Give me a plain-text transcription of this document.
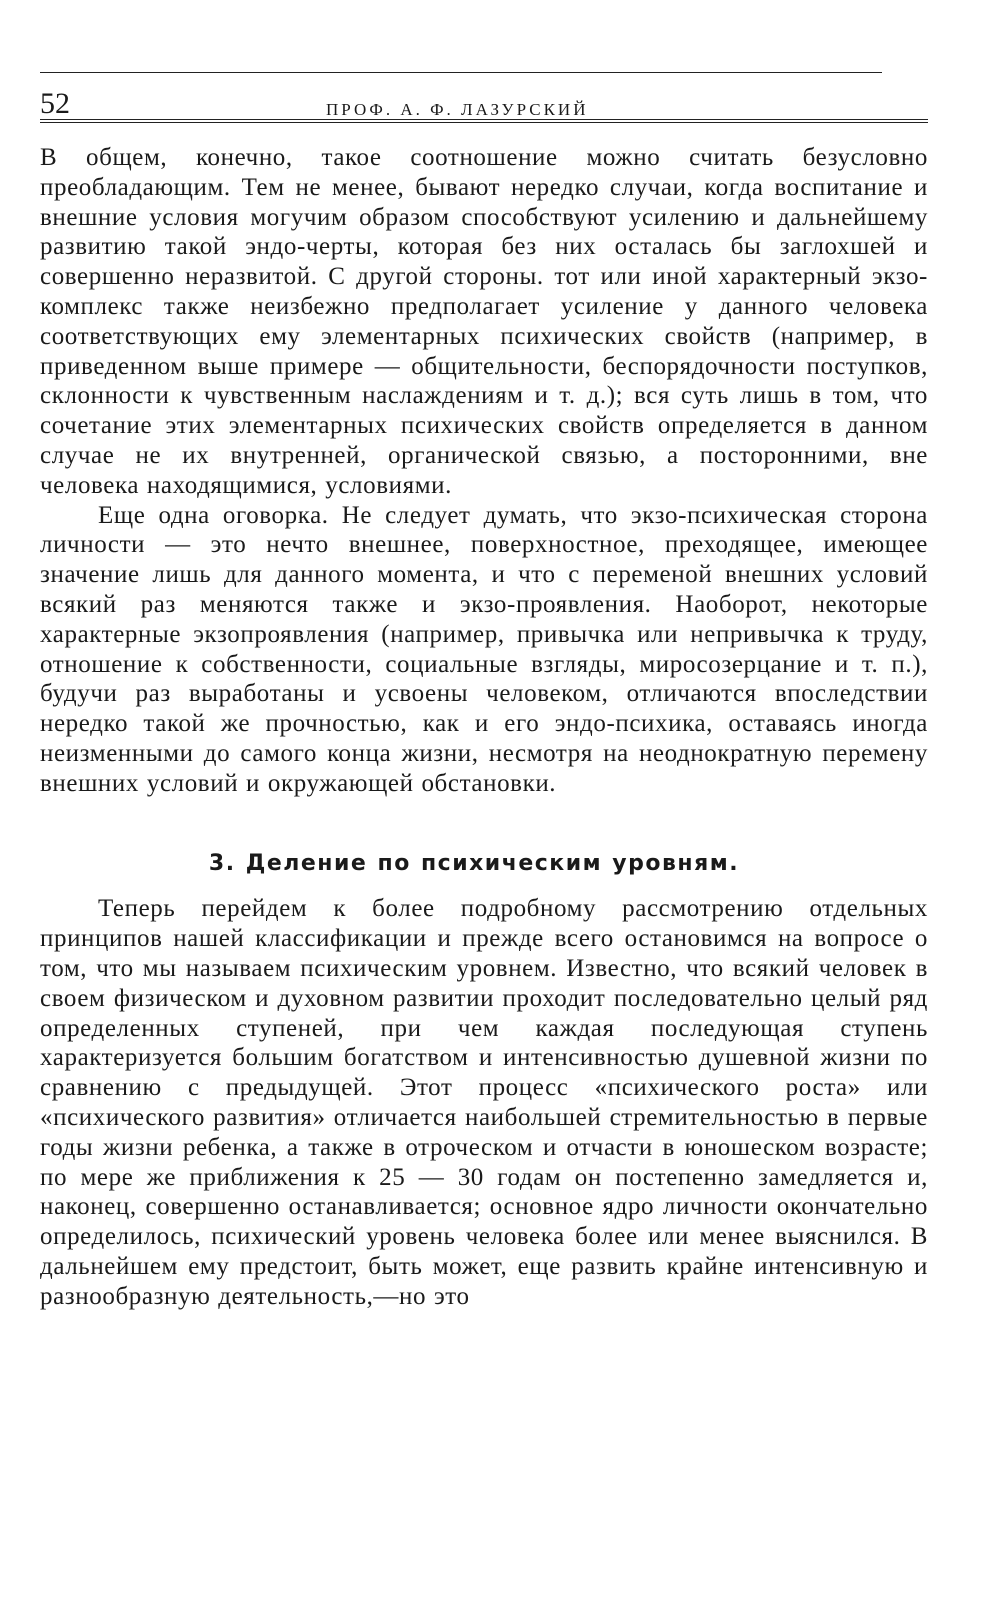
52	ПРОФ. А. Ф. ЛАЗУРСКИЙ

В общем, конечно, такое соотношение можно считать безусловно преобладающим. Тем не менее, бывают нередко случаи, когда воспитание и внешние условия могучим образом способствуют усилению и дальнейшему развитию такой эндо-черты, которая без них осталась бы заглохшей и совершенно неразвитой. С другой стороны. тот или иной характерный экзо-комплекс также неизбежно предполагает усиление у данного человека соответствующих ему элементарных психических свойств (например, в приведенном выше примере — общительности, беспорядочности поступков, склонности к чувственным наслаждениям и т. д.); вся суть лишь в том, что сочетание этих элементарных психических свойств определяется в данном случае не их внутренней, органической связью, а посторонними, вне человека находящимися, условиями.

Еще одна оговорка. Не следует думать, что экзо-психическая сторона личности — это нечто внешнее, поверхностное, преходящее, имеющее значение лишь для данного момента, и что с переменой внешних условий всякий раз меняются также и экзо-проявления. Наоборот, некоторые характерные экзопроявления (например, привычка или непривычка к труду, отношение к собственности, социальные взгляды, миросозерцание и т. п.), будучи раз выработаны и усвоены человеком, отличаются впоследствии нередко такой же прочностью, как и его эндо-психика, оставаясь иногда неизменными до самого конца жизни, несмотря на неоднократную перемену внешних условий и окружающей обстановки.

3. Деление по психическим уровням.

Теперь перейдем к более подробному рассмотрению отдельных принципов нашей классификации и прежде всего остановимся на вопросе о том, что мы называем психическим уровнем. Известно, что всякий человек в своем физическом и духовном развитии проходит последовательно целый ряд определенных ступеней, при чем каждая последующая ступень характеризуется большим богатством и интенсивностью душевной жизни по сравнению с предыдущей. Этот процесс «психического роста» или «психического развития» отличается наибольшей стремительностью в первые годы жизни ребенка, а также в отроческом и отчасти в юношеском возрасте; по мере же приближения к 25 — 30 годам он постепенно замедляется и, наконец, совершенно останавливается; основное ядро личности окончательно определилось, психический уровень человека более или менее выяснился. В дальнейшем ему предстоит, быть может, еще развить крайне интенсивную и разнообразную деятельность,—но это
